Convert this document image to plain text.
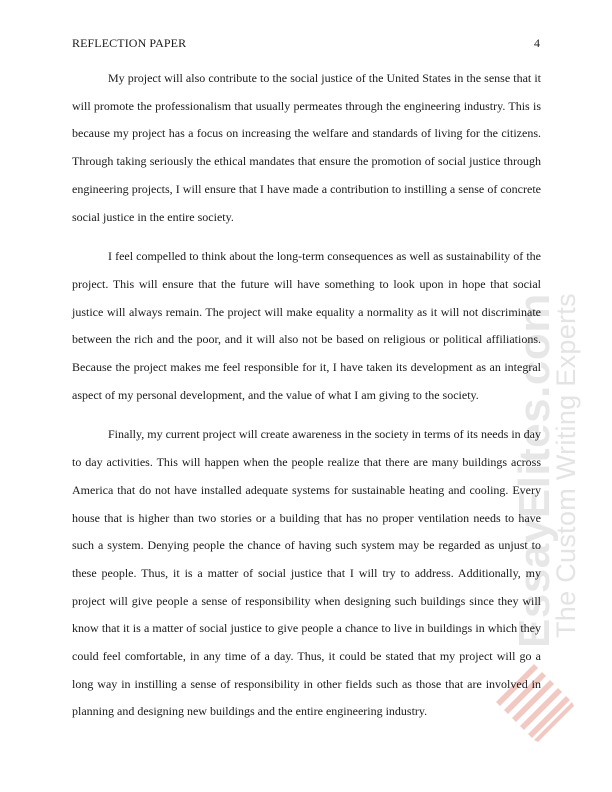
REFLECTION PAPER	4
EssayElites.com
The Custom Writing Experts

My project will also contribute to the social justice of the United States in the sense that it will promote the professionalism that usually permeates through the engineering industry. This is because my project has a focus on increasing the welfare and standards of living for the citizens. Through taking seriously the ethical mandates that ensure the promotion of social justice through engineering projects, I will ensure that I have made a contribution to instilling a sense of concrete social justice in the entire society.

I feel compelled to think about the long-term consequences as well as sustainability of the project. This will ensure that the future will have something to look upon in hope that social justice will always remain. The project will make equality a normality as it will not discriminate between the rich and the poor, and it will also not be based on religious or political affiliations. Because the project makes me feel responsible for it, I have taken its development as an integral aspect of my personal development, and the value of what I am giving to the society.

Finally, my current project will create awareness in the society in terms of its needs in day to day activities. This will happen when the people realize that there are many buildings across America that do not have installed adequate systems for sustainable heating and cooling. Every house that is higher than two stories or a building that has no proper ventilation needs to have such a system. Denying people the chance of having such system may be regarded as unjust to these people. Thus, it is a matter of social justice that I will try to address. Additionally, my project will give people a sense of responsibility when designing such buildings since they will know that it is a matter of social justice to give people a chance to live in buildings in which they could feel comfortable, in any time of a day. Thus, it could be stated that my project will go a long way in instilling a sense of responsibility in other fields such as those that are involved in planning and designing new buildings and the entire engineering industry.
